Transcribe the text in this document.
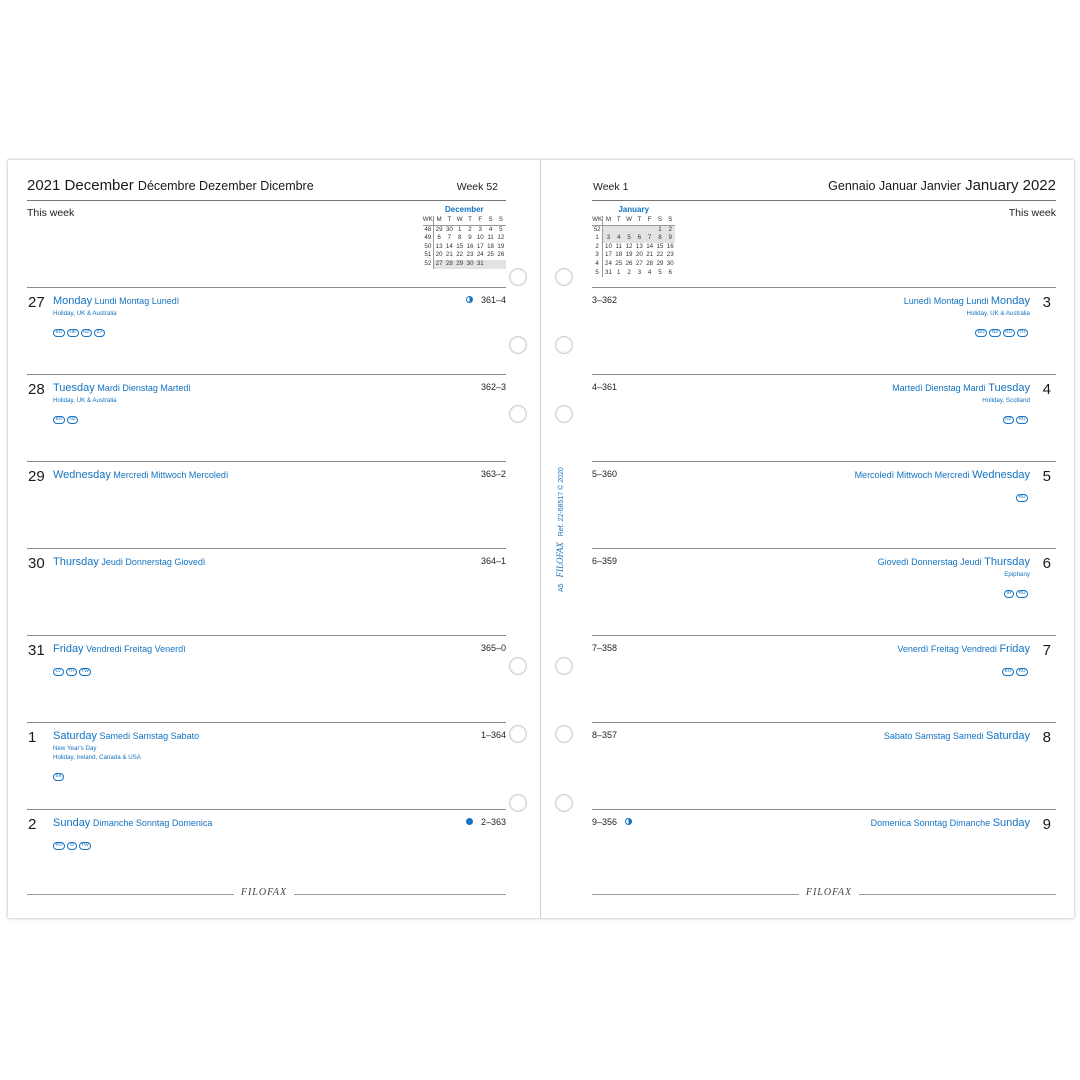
2021 December Décembre Dezember Dicembre	Week 52
This week	December							
WK	M	T	W	T	F	S	S
48	29	30	1	2	3	4	5
49	6	7	8	9	10	11	12
50	13	14	15	16	17	18	19
51	20	21	22	23	24	25	26
52	27	28	29	30	31		
27 Monday Lundi Montag Lunedì
Holiday, UK & Australia
BG HK NZ ZA
361–4
28 Tuesday Mardi Dienstag Martedì
Holiday, UK & Australia
BG NZ
362–3
29 Wednesday Mercredi Mittwoch Mercoledì	363–2
30 Thursday Jeudi Donnerstag Giovedì	364–1
31 Friday Vendredi Freitag Venerdì
LV TH TW
365–0
1 Saturday Samedi Samstag Sabato
New Year's Day
Holiday, Ireland, Canada & USA
SK
1–364
2 Sunday Dimanche Sonntag Domenica
RO SI TW
2–363
FILOFAX
Gennaio Januar Janvier January 2022
Week 1
This week
January							
WK	M	T	W	T	F	S	S
52						1	2
1	3	4	5	6	7	8	9
2	10	11	12	13	14	15	16
3	17	18	19	20	21	22	23
4	24	25	26	27	28	29	30
5	31	1	2	3	4	5	6
3
Lunedì Montag Lundi Monday
Holiday, UK & Australia
BG NZ RU TH
3–362
4
Martedì Dienstag Mardi Tuesday
Holiday, Scotland
NZ RU
4–361
5
Mercoledì Mittwoch Mercredi Wednesday
RU
5–360
6
Giovedì Donnerstag Jeudi Thursday
Epiphany
IR RU
6–359
7
Venerdì Freitag Vendredi Friday
EG RU
7–358
8
Sabato Samstag Samedi Saturday
8–357
9
Domenica Sonntag Dimanche Sunday
9–356
FILOFAX
A5 FILOFAX Ref. 22-68517 © 2020
